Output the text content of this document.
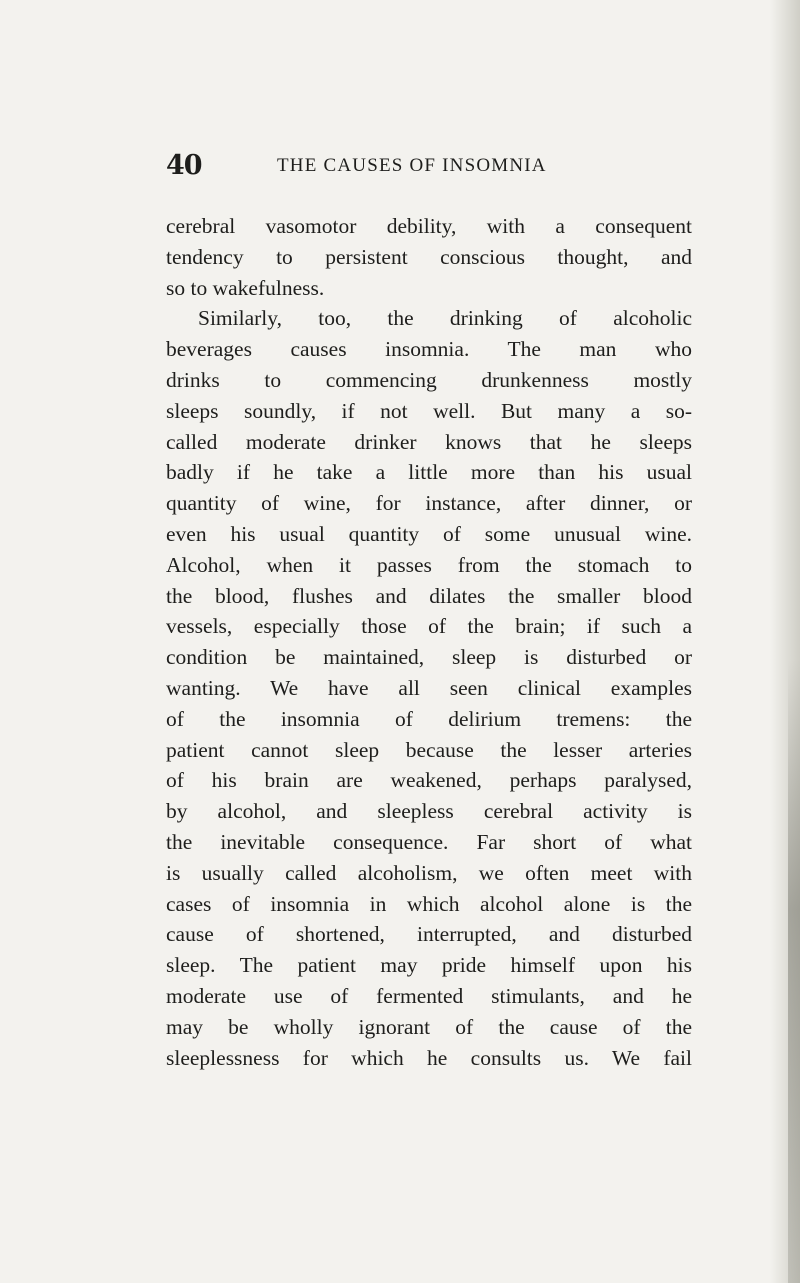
40	THE CAUSES OF INSOMNIA
cerebral vasomotor debility, with a consequent
tendency to persistent conscious thought, and
so to wakefulness.
Similarly, too, the drinking of alcoholic
beverages causes insomnia. The man who
drinks to commencing drunkenness mostly
sleeps soundly, if not well. But many a so-
called moderate drinker knows that he sleeps
badly if he take a little more than his usual
quantity of wine, for instance, after dinner, or
even his usual quantity of some unusual wine.
Alcohol, when it passes from the stomach to
the blood, flushes and dilates the smaller blood
vessels, especially those of the brain; if such a
condition be maintained, sleep is disturbed or
wanting. We have all seen clinical examples
of the insomnia of delirium tremens: the
patient cannot sleep because the lesser arteries
of his brain are weakened, perhaps paralysed,
by alcohol, and sleepless cerebral activity is
the inevitable consequence. Far short of what
is usually called alcoholism, we often meet with
cases of insomnia in which alcohol alone is the
cause of shortened, interrupted, and disturbed
sleep. The patient may pride himself upon his
moderate use of fermented stimulants, and he
may be wholly ignorant of the cause of the
sleeplessness for which he consults us. We fail
